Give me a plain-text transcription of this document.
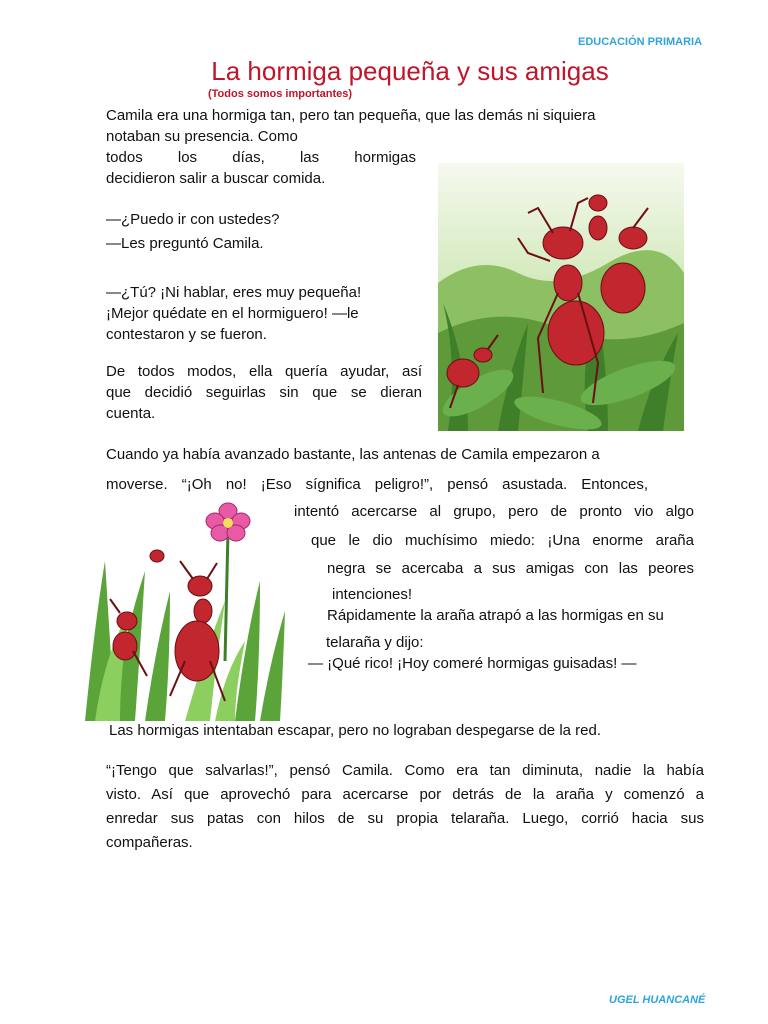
EDUCACIÓN PRIMARIA
La hormiga pequeña y sus amigas
(Todos somos importantes)
Camila era una hormiga tan, pero tan pequeña, que las demás ni siquiera
notaban su presencia. Como
todos los días, las hormigas
decidieron salir a buscar comida.
—¿Puedo ir con ustedes?
—Les preguntó Camila.
—¿Tú? ¡Ni hablar, eres muy pequeña!
¡Mejor quédate en el hormiguero! —le
contestaron y se fueron.
De todos modos, ella quería ayudar, así
que decidió seguirlas sin que se dieran
cuenta.
Cuando ya había avanzado bastante, las antenas de Camila empezaron a
moverse. “¡Oh no! ¡Eso sígnifica peligro!”, pensó asustada. Entonces,
intentó acercarse al grupo, pero de pronto vio algo
que le dio muchísimo miedo: ¡Una enorme araña
negra se acercaba a sus amigas con las peores
intenciones!
Rápidamente la araña atrapó a las hormigas en su
telaraña y dijo:
— ¡Qué rico! ¡Hoy comeré hormigas guisadas! —
Las hormigas intentaban escapar, pero no lograban despegarse de la red.
“¡Tengo que salvarlas!”, pensó Camila. Como era tan diminuta, nadie la había
visto. Así que aprovechó para acercarse por detrás de la araña y comenzó a
enredar sus patas con hilos de su propia telaraña. Luego, corrió hacia sus
compañeras.
UGEL HUANCANÉ
